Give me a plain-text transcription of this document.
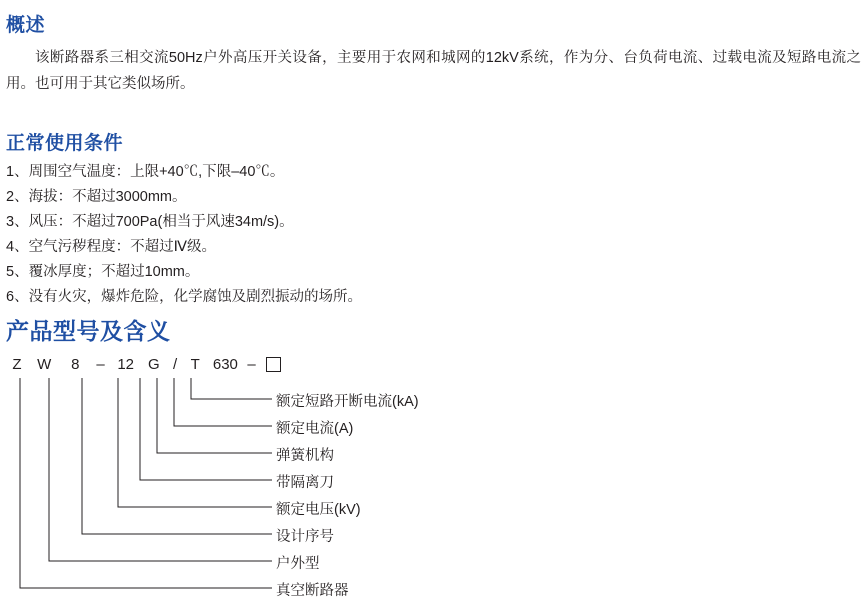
概述
该断路器系三相交流50Hz户外高压开关设备，主要用于农网和城网的12kV系统，作为分、台负荷电流、过载电流及短路电流之用。也可用于其它类似场所。
正常使用条件
1、周围空气温度：上限+40℃,下限–40℃。
2、海拔：不超过3000mm。
3、风压：不超过700Pa(相当于风速34m/s)。
4、空气污秽程度：不超过Ⅳ级。
5、覆冰厚度；不超过10mm。
6、没有火灾，爆炸危险，化学腐蚀及剧烈振动的场所。
产品型号及含义
Z W 8 – 12 G / T 630 –
额定短路开断电流(kA)
额定电流(A)
弹簧机构
带隔离刀
额定电压(kV)
设计序号
户外型
真空断路器
